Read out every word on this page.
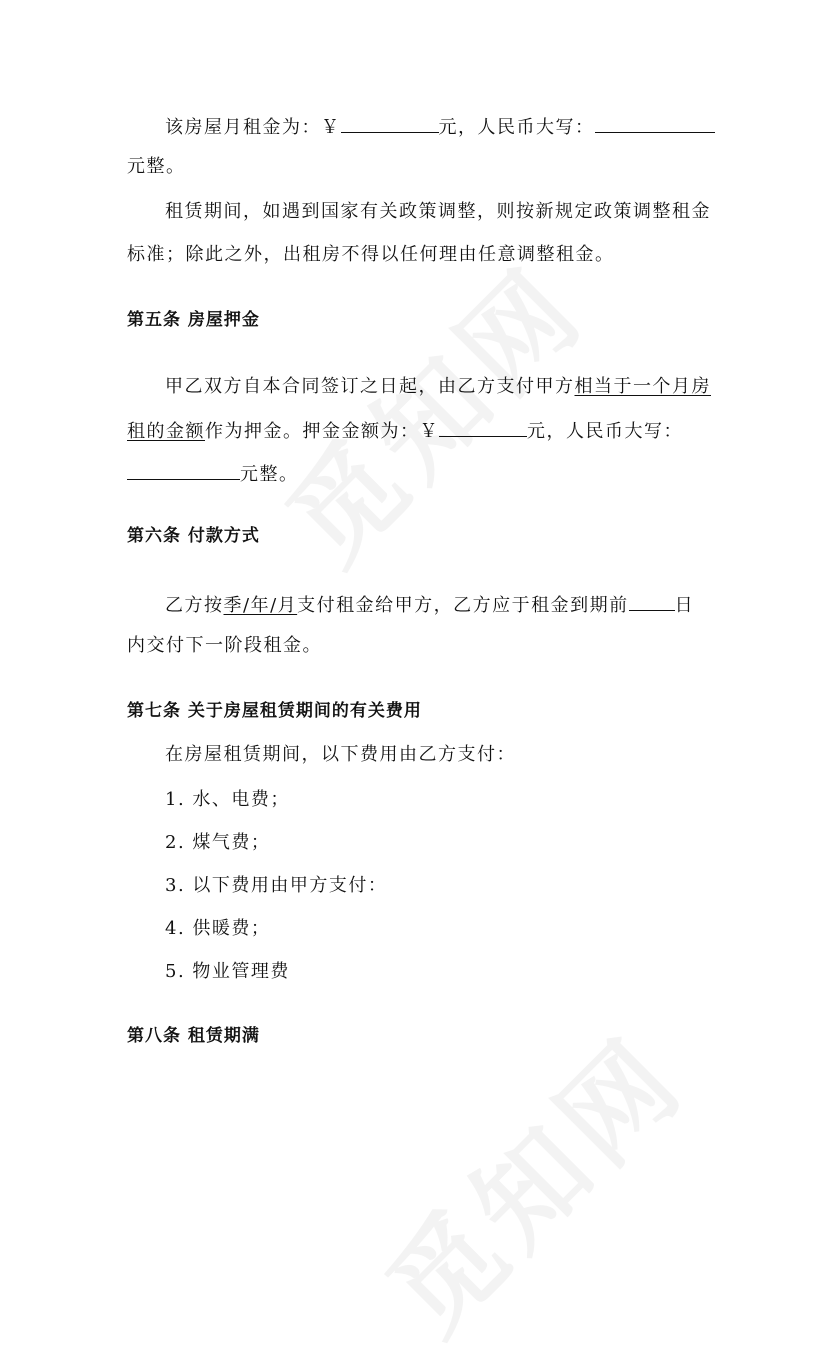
该房屋月租金为：￥	元，人民币大写：
元整。
租赁期间，如遇到国家有关政策调整，则按新规定政策调整租金
标准；除此之外，出租房不得以任何理由任意调整租金。
第五条 房屋押金
甲乙双方自本合同签订之日起，由乙方支付甲方相当于一个月房
租的金额作为押金。押金金额为：￥	元，人民币大写：
元整。
第六条 付款方式
乙方按季/年/月支付租金给甲方，乙方应于租金到期前	日
内交付下一阶段租金。
第七条 关于房屋租赁期间的有关费用
在房屋租赁期间，以下费用由乙方支付：
1. 水、电费；
2. 煤气费；
3. 以下费用由甲方支付：
4. 供暖费；
5. 物业管理费
第八条 租赁期满
